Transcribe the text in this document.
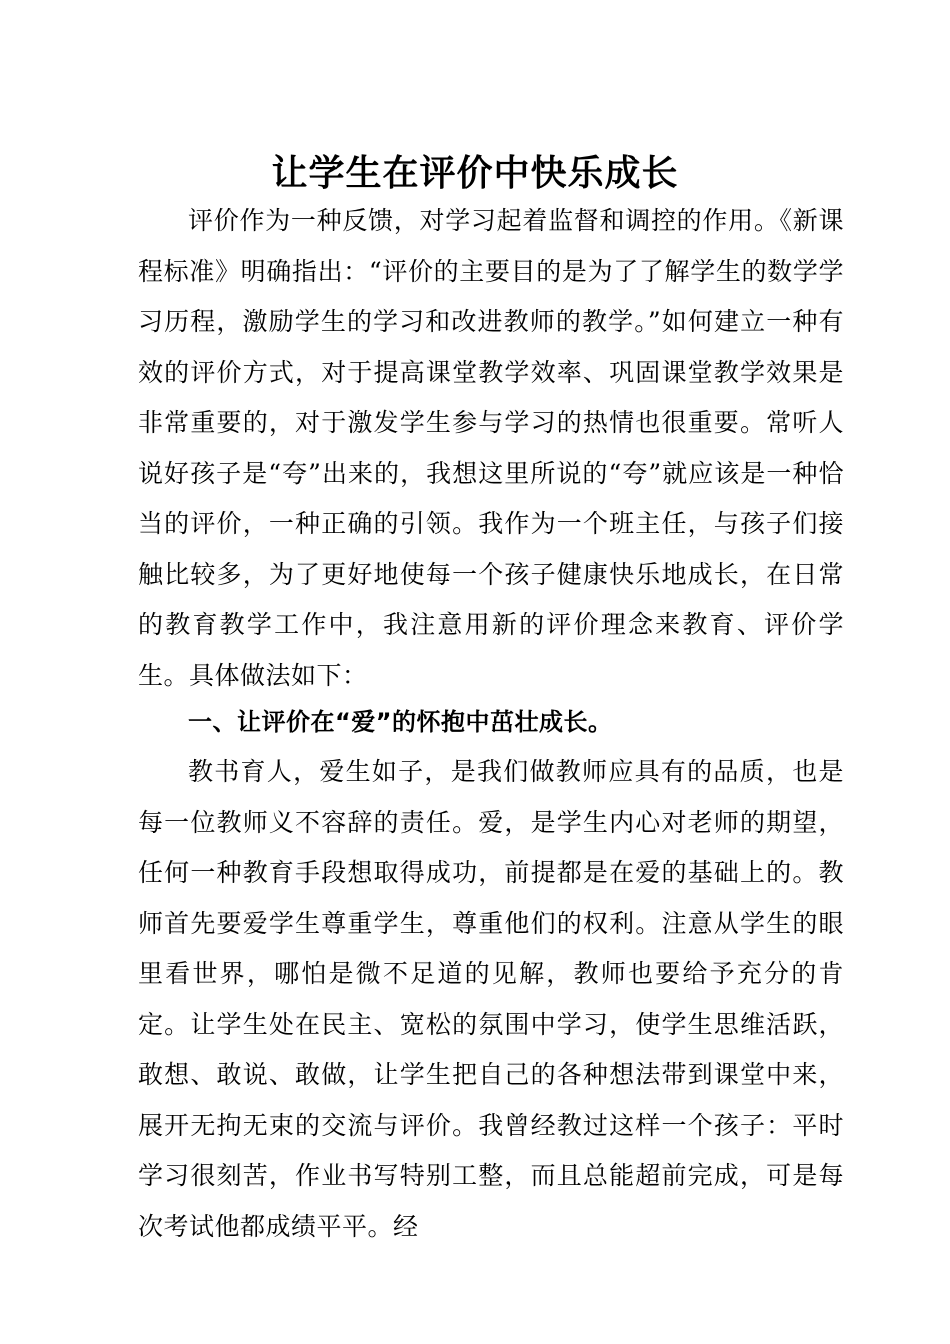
让学生在评价中快乐成长

评价作为一种反馈，对学习起着监督和调控的作用。《新课程标准》明确指出：“评价的主要目的是为了了解学生的数学学习历程，激励学生的学习和改进教师的教学。”如何建立一种有效的评价方式，对于提高课堂教学效率、巩固课堂教学效果是非常重要的，对于激发学生参与学习的热情也很重要。常听人说好孩子是“夸”出来的，我想这里所说的“夸”就应该是一种恰当的评价，一种正确的引领。我作为一个班主任，与孩子们接触比较多，为了更好地使每一个孩子健康快乐地成长，在日常的教育教学工作中，我注意用新的评价理念来教育、评价学生。具体做法如下：

一、让评价在“爱”的怀抱中茁壮成长。

教书育人，爱生如子，是我们做教师应具有的品质，也是每一位教师义不容辞的责任。爱，是学生内心对老师的期望，任何一种教育手段想取得成功，前提都是在爱的基础上的。教师首先要爱学生尊重学生，尊重他们的权利。注意从学生的眼里看世界，哪怕是微不足道的见解，教师也要给予充分的肯定。让学生处在民主、宽松的氛围中学习，使学生思维活跃，敢想、敢说、敢做，让学生把自己的各种想法带到课堂中来，展开无拘无束的交流与评价。我曾经教过这样一个孩子：平时学习很刻苦，作业书写特别工整，而且总能超前完成，可是每次考试他都成绩平平。经
